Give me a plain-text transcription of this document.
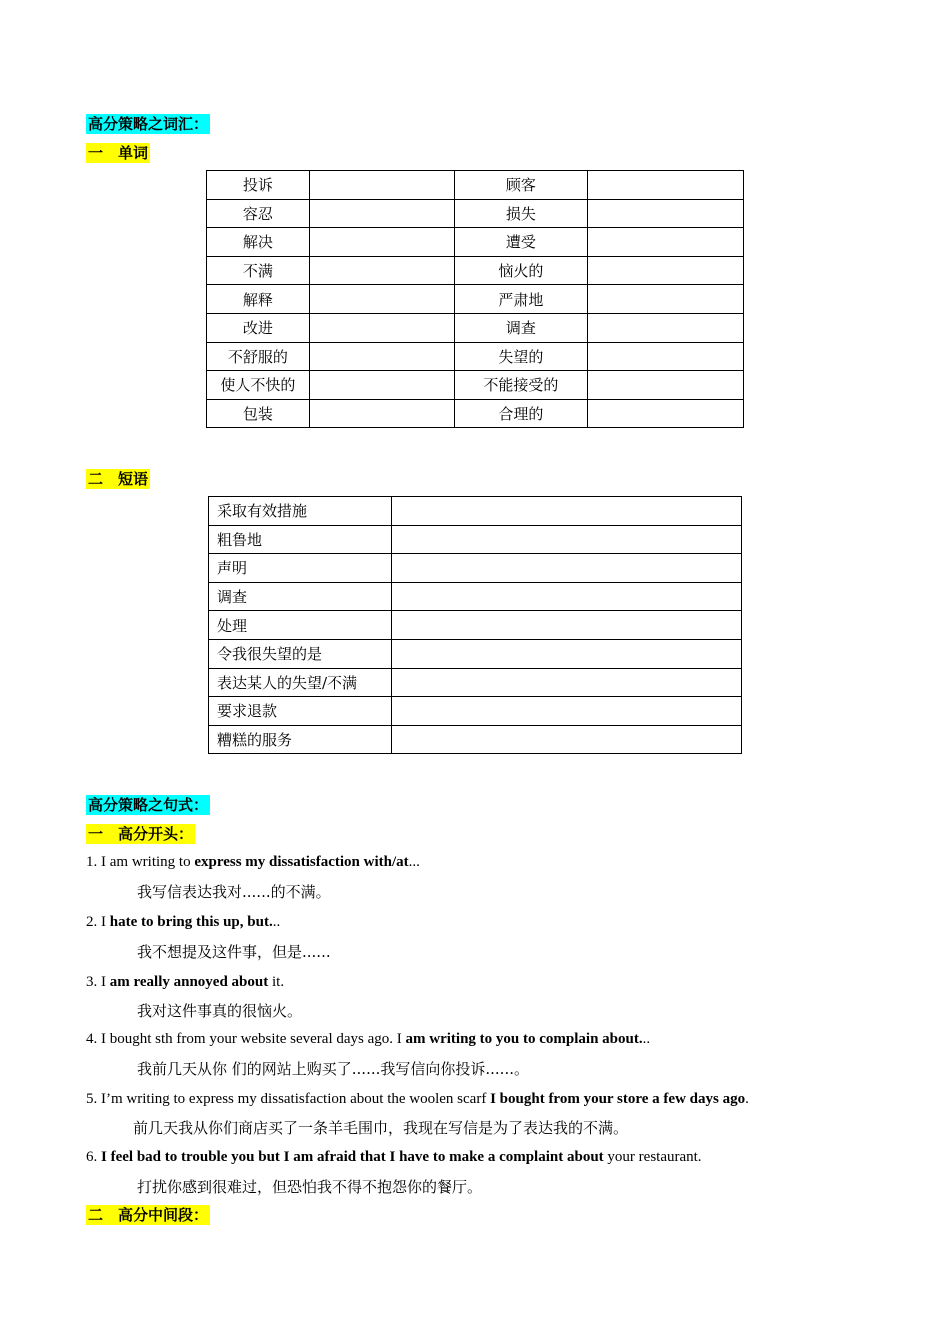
高分策略之词汇：
一　单词
投诉		顾客	
容忍		损失	
解决		遭受	
不满		恼火的	
解释		严肃地	
改进		调查	
不舒服的		失望的	
使人不快的		不能接受的	
包装		合理的	
二　短语
采取有效措施	
粗鲁地	
声明	
调查	
处理	
令我很失望的是	
表达某人的失望/不满	
要求退款	
糟糕的服务	
高分策略之句式：
一　高分开头：
1. I am writing to express my dissatisfaction with/at...
我写信表达我对......的不满。
2. I hate to bring this up, but...
我不想提及这件事，但是......
3. I am really annoyed about it.
我对这件事真的很恼火。
4. I bought sth from your website several days ago. I am writing to you to complain about...
我前几天从你 们的网站上购买了......我写信向你投诉......。
5. I’m writing to express my dissatisfaction about the woolen scarf I bought from your store a few days ago.
前几天我从你们商店买了一条羊毛围巾，我现在写信是为了表达我的不满。
6. I feel bad to trouble you but I am afraid that I have to make a complaint about your restaurant.
打扰你感到很难过，但恐怕我不得不抱怨你的餐厅。
二　高分中间段：
